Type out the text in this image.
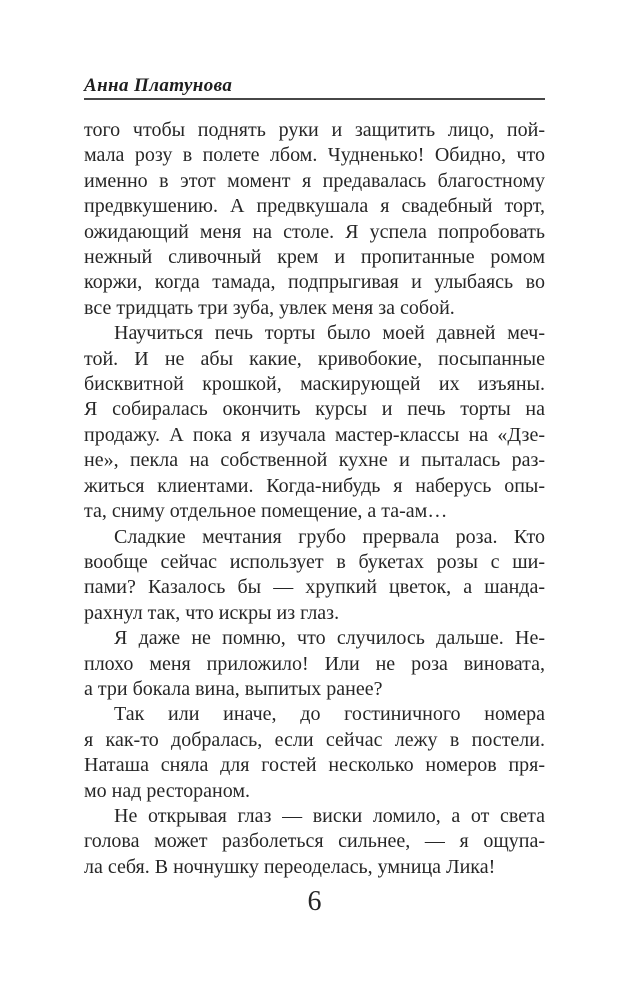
Анна Платунова
того чтобы поднять руки и защитить лицо, пой-
мала розу в полете лбом. Чудненько! Обидно, что
именно в этот момент я предавалась благостному
предвкушению. А предвкушала я свадебный торт,
ожидающий меня на столе. Я успела попробовать
нежный сливочный крем и пропитанные ромом
коржи, когда тамада, подпрыгивая и улыбаясь во
все тридцать три зуба, увлек меня за собой.
Научиться печь торты было моей давней меч-
той. И не абы какие, кривобокие, посыпанные
бисквитной крошкой, маскирующей их изъяны.
Я собиралась окончить курсы и печь торты на
продажу. А пока я изучала мастер-классы на «Дзе-
не», пекла на собственной кухне и пыталась раз-
житься клиентами. Когда-нибудь я наберусь опы-
та, сниму отдельное помещение, а та-ам…
Сладкие мечтания грубо прервала роза. Кто
вообще сейчас использует в букетах розы с ши-
пами? Казалось бы — хрупкий цветок, а шанда-
рахнул так, что искры из глаз.
Я даже не помню, что случилось дальше. Не-
плохо меня приложило! Или не роза виновата,
а три бокала вина, выпитых ранее?
Так или иначе, до гостиничного номера
я как-то добралась, если сейчас лежу в постели.
Наташа сняла для гостей несколько номеров пря-
мо над рестораном.
Не открывая глаз — виски ломило, а от света
голова может разболеться сильнее, — я ощупа-
ла себя. В ночнушку переоделась, умница Лика!
6
